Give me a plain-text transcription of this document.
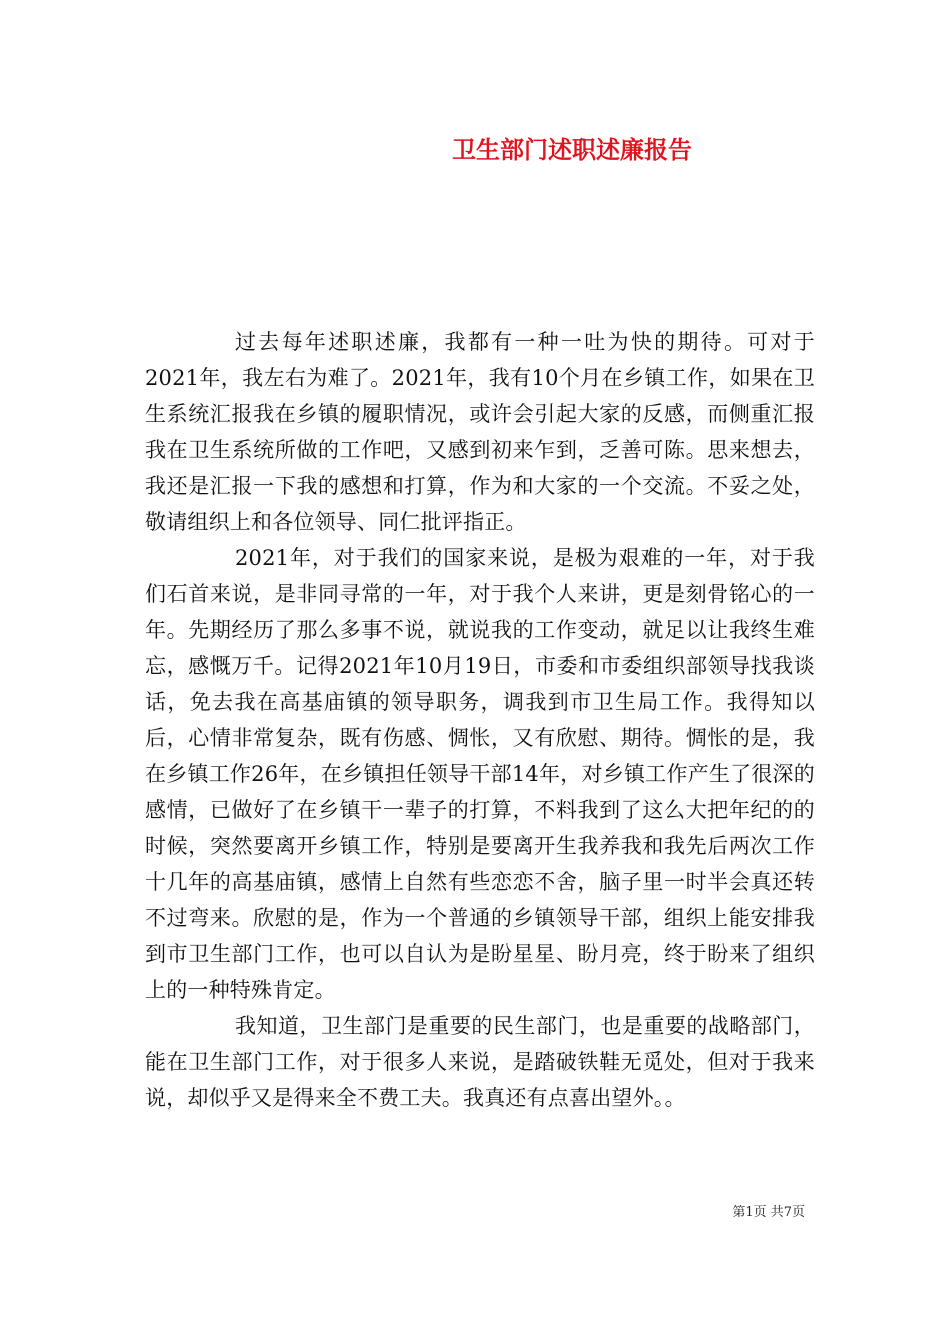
卫生部门述职述廉报告

过去每年述职述廉，我都有一种一吐为快的期待。可对于2021年，我左右为难了。2021年，我有10个月在乡镇工作，如果在卫生系统汇报我在乡镇的履职情况，或许会引起大家的反感，而侧重汇报我在卫生系统所做的工作吧，又感到初来乍到，乏善可陈。思来想去，我还是汇报一下我的感想和打算，作为和大家的一个交流。不妥之处，敬请组织上和各位领导、同仁批评指正。

2021年，对于我们的国家来说，是极为艰难的一年，对于我们石首来说，是非同寻常的一年，对于我个人来讲，更是刻骨铭心的一年。先期经历了那么多事不说，就说我的工作变动，就足以让我终生难忘，感慨万千。记得2021年10月19日，市委和市委组织部领导找我谈话，免去我在高基庙镇的领导职务，调我到市卫生局工作。我得知以后，心情非常复杂，既有伤感、惆怅，又有欣慰、期待。惆怅的是，我在乡镇工作26年，在乡镇担任领导干部14年，对乡镇工作产生了很深的感情，已做好了在乡镇干一辈子的打算，不料我到了这么大把年纪的的时候，突然要离开乡镇工作，特别是要离开生我养我和我先后两次工作十几年的高基庙镇，感情上自然有些恋恋不舍，脑子里一时半会真还转不过弯来。欣慰的是，作为一个普通的乡镇领导干部，组织上能安排我到市卫生部门工作，也可以自认为是盼星星、盼月亮，终于盼来了组织上的一种特殊肯定。

我知道，卫生部门是重要的民生部门，也是重要的战略部门，能在卫生部门工作，对于很多人来说，是踏破铁鞋无觅处，但对于我来说，却似乎又是得来全不费工夫。我真还有点喜出望外。。

第1页 共7页
